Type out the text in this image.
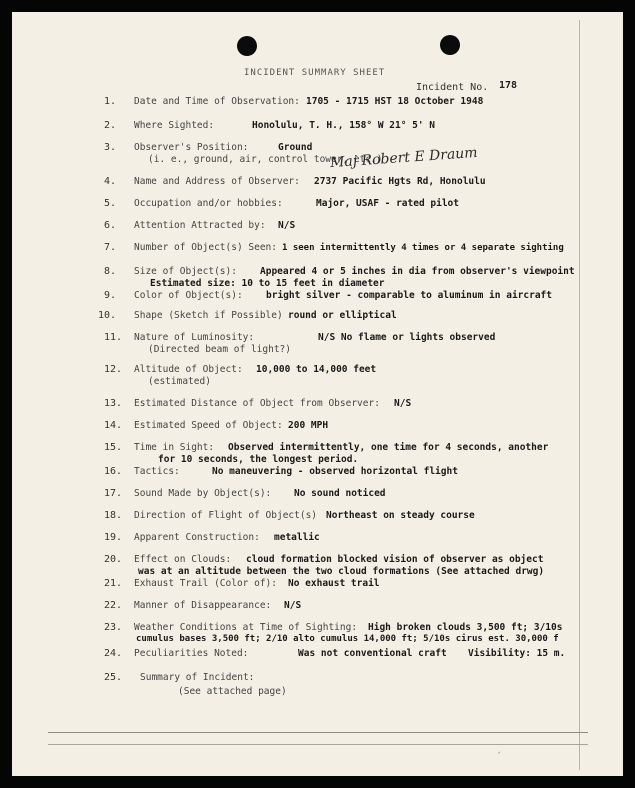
INCIDENT SUMMARY SHEET
Incident No. 178
1. Date and Time of Observation: 1705 - 1715 HST 18 October 1948
2. Where Sighted:	Honolulu, T. H., 158° W 21° 5' N
3. Observer's Position:	Ground
(i. e., ground, air, control tower, etc.)
Maj Robert E Draum
4. Name and Address of Observer: 2737 Pacific Hgts Rd, Honolulu
5. Occupation and/or hobbies:	Major, USAF - rated pilot
6. Attention Attracted by: N/S
7. Number of Object(s) Seen: 1 seen intermittently 4 times or 4 separate sighting
8. Size of Object(s): Appeared 4 or 5 inches in dia from observer's viewpoint
Estimated size: 10 to 15 feet in diameter
9. Color of Object(s): bright silver - comparable to aluminum in aircraft
10. Shape (Sketch if Possible) round or elliptical
11. Nature of Luminosity:	N/S No flame or lights observed
(Directed beam of light?)
12. Altitude of Object: 10,000 to 14,000 feet
(estimated)
13. Estimated Distance of Object from Observer: N/S
14. Estimated Speed of Object: 200 MPH
15. Time in Sight: Observed intermittently, one time for 4 seconds, another
for 10 seconds, the longest period.
16. Tactics:	No maneuvering - observed horizontal flight
17. Sound Made by Object(s): No sound noticed
18. Direction of Flight of Object(s) Northeast on steady course
19. Apparent Construction: metallic
20. Effect on Clouds: cloud formation blocked vision of observer as object
was at an altitude between the two cloud formations (See attached drwg)
21. Exhaust Trail (Color of): No exhaust trail
22. Manner of Disappearance: N/S
23. Weather Conditions at Time of Sighting: High broken clouds 3,500 ft; 3/10s
cumulus bases 3,500 ft; 2/10 alto cumulus 14,000 ft; 5/10s cirus est. 30,000 f
24. Peculiarities Noted:	Was not conventional craft Visibility: 15 m.
25. Summary of Incident:
(See attached page)
´
